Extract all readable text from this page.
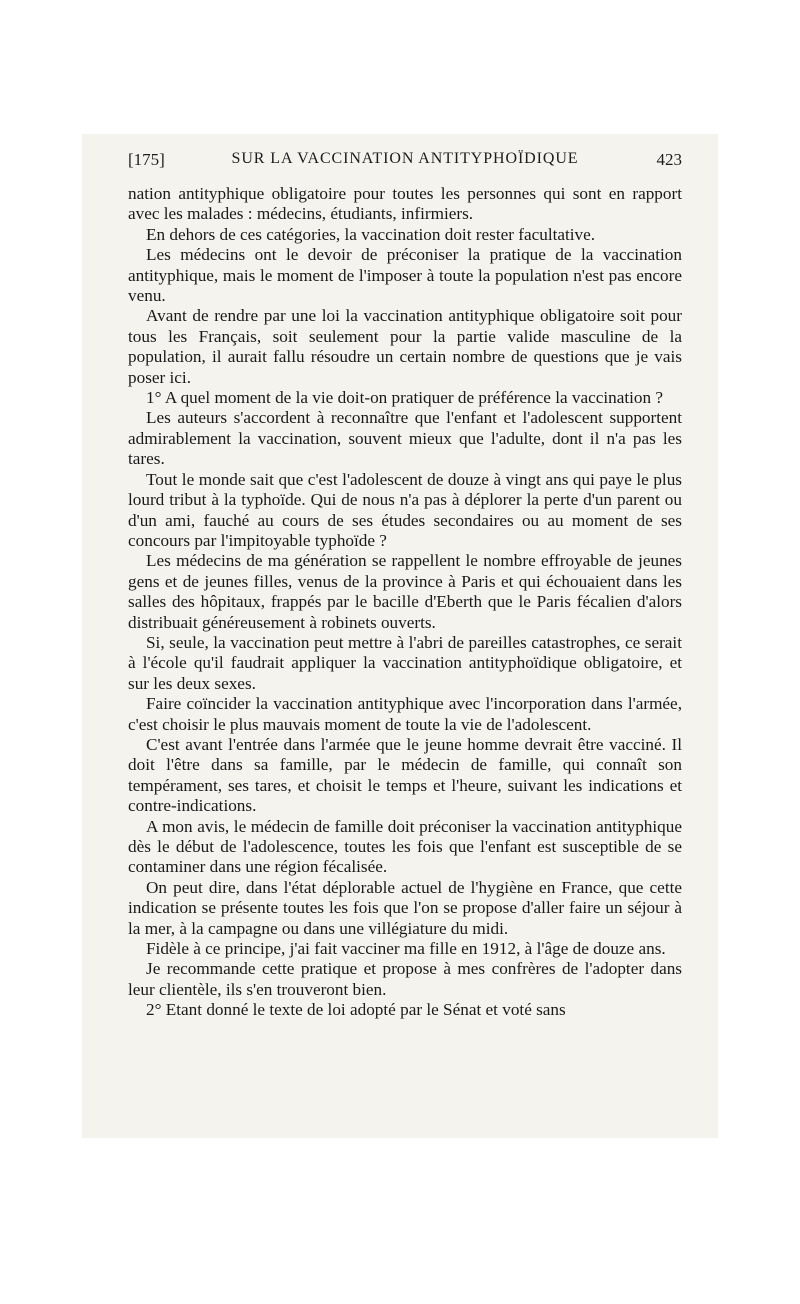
[175]	SUR LA VACCINATION ANTITYPHOÏDIQUE	423

nation antityphique obligatoire pour toutes les personnes qui sont en rapport avec les malades : médecins, étudiants, infirmiers.

En dehors de ces catégories, la vaccination doit rester facultative.

Les médecins ont le devoir de préconiser la pratique de la vaccination antityphique, mais le moment de l'imposer à toute la population n'est pas encore venu.

Avant de rendre par une loi la vaccination antityphique obligatoire soit pour tous les Français, soit seulement pour la partie valide masculine de la population, il aurait fallu résoudre un certain nombre de questions que je vais poser ici.

1° A quel moment de la vie doit-on pratiquer de préférence la vaccination ?

Les auteurs s'accordent à reconnaître que l'enfant et l'adolescent supportent admirablement la vaccination, souvent mieux que l'adulte, dont il n'a pas les tares.

Tout le monde sait que c'est l'adolescent de douze à vingt ans qui paye le plus lourd tribut à la typhoïde. Qui de nous n'a pas à déplorer la perte d'un parent ou d'un ami, fauché au cours de ses études secondaires ou au moment de ses concours par l'impitoyable typhoïde ?

Les médecins de ma génération se rappellent le nombre effroyable de jeunes gens et de jeunes filles, venus de la province à Paris et qui échouaient dans les salles des hôpitaux, frappés par le bacille d'Eberth que le Paris fécalien d'alors distribuait généreusement à robinets ouverts.

Si, seule, la vaccination peut mettre à l'abri de pareilles catastrophes, ce serait à l'école qu'il faudrait appliquer la vaccination antityphoïdique obligatoire, et sur les deux sexes.

Faire coïncider la vaccination antityphique avec l'incorporation dans l'armée, c'est choisir le plus mauvais moment de toute la vie de l'adolescent.

C'est avant l'entrée dans l'armée que le jeune homme devrait être vacciné. Il doit l'être dans sa famille, par le médecin de famille, qui connaît son tempérament, ses tares, et choisit le temps et l'heure, suivant les indications et contre-indications.

A mon avis, le médecin de famille doit préconiser la vaccination antityphique dès le début de l'adolescence, toutes les fois que l'enfant est susceptible de se contaminer dans une région fécalisée.

On peut dire, dans l'état déplorable actuel de l'hygiène en France, que cette indication se présente toutes les fois que l'on se propose d'aller faire un séjour à la mer, à la campagne ou dans une villégiature du midi.

Fidèle à ce principe, j'ai fait vacciner ma fille en 1912, à l'âge de douze ans.

Je recommande cette pratique et propose à mes confrères de l'adopter dans leur clientèle, ils s'en trouveront bien.

2° Etant donné le texte de loi adopté par le Sénat et voté sans
